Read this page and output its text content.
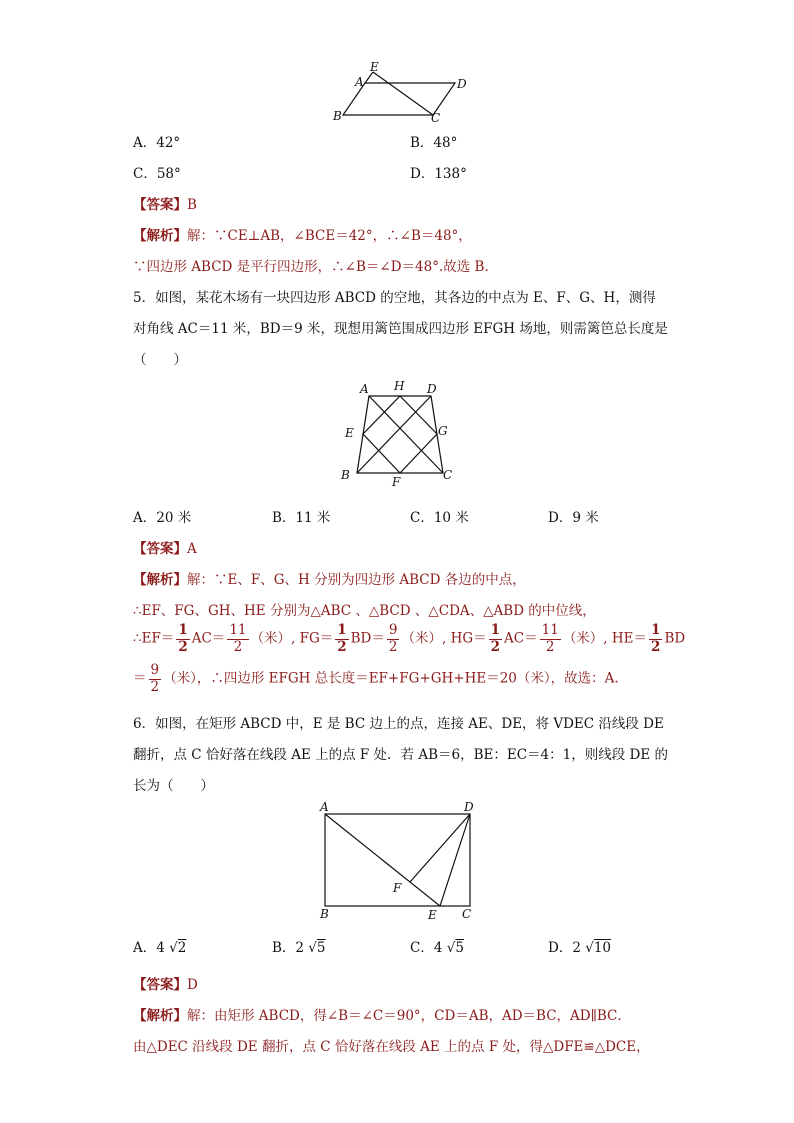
E
A	D
B	C
A．42°	B．48°
C．58°	D．138°
【答案】B
【解析】解：∵CE⊥AB，∠BCE＝42°，∴∠B＝48°，
∵四边形 ABCD 是平行四边形，∴∠B＝∠D＝48°.故选 B.
5．如图，某花木场有一块四边形 ABCD 的空地，其各边的中点为 E、F、G、H，测得
对角线 AC＝11 米，BD＝9 米，现想用篱笆围成四边形 EFGH 场地，则需篱笆总长度是
（　　）
A H D
E	G
B	F	C
A．20 米	B．11 米	C．10 米	D．9 米
【答案】A
【解析】解：∵E、F、G、H 分别为四边形 ABCD 各边的中点，
∴EF、FG、GH、HE 分别为△ABC 、△BCD 、△CDA、△ABD 的中位线，
∴EF＝ $\frac{1}{2} AC= \frac{11}{2}$ （米）, $FG= \frac{1}{2} BD= \frac{9}{2}$ （米）, $HG= \frac{1}{2} AC= \frac{11}{2}$ （米）, $HE= \frac{1}{2}$ BD
＝ $\frac{9}{2}$ （米），∴四边形 EFGH 总长度＝EF+FG+GH+HE＝20（米），故选：A.
6．如图，在矩形 ABCD 中，E 是 BC 边上的点，连接 AE、DE，将 VDEC 沿线段 DE
翻折，点 C 恰好落在线段 AE 上的点 F 处．若 AB＝6，BE：EC＝4：1，则线段 DE 的
长为（　　）
A	D
F
B	E C
A．4 √2	B．2 √5	C．4 √5	D．2 √10
【答案】D
【解析】解：由矩形 ABCD，得∠B＝∠C＝90°，CD＝AB，AD＝BC，AD∥BC．
由△DEC 沿线段 DE 翻折，点 C 恰好落在线段 AE 上的点 F 处，得△DFE≌△DCE，
